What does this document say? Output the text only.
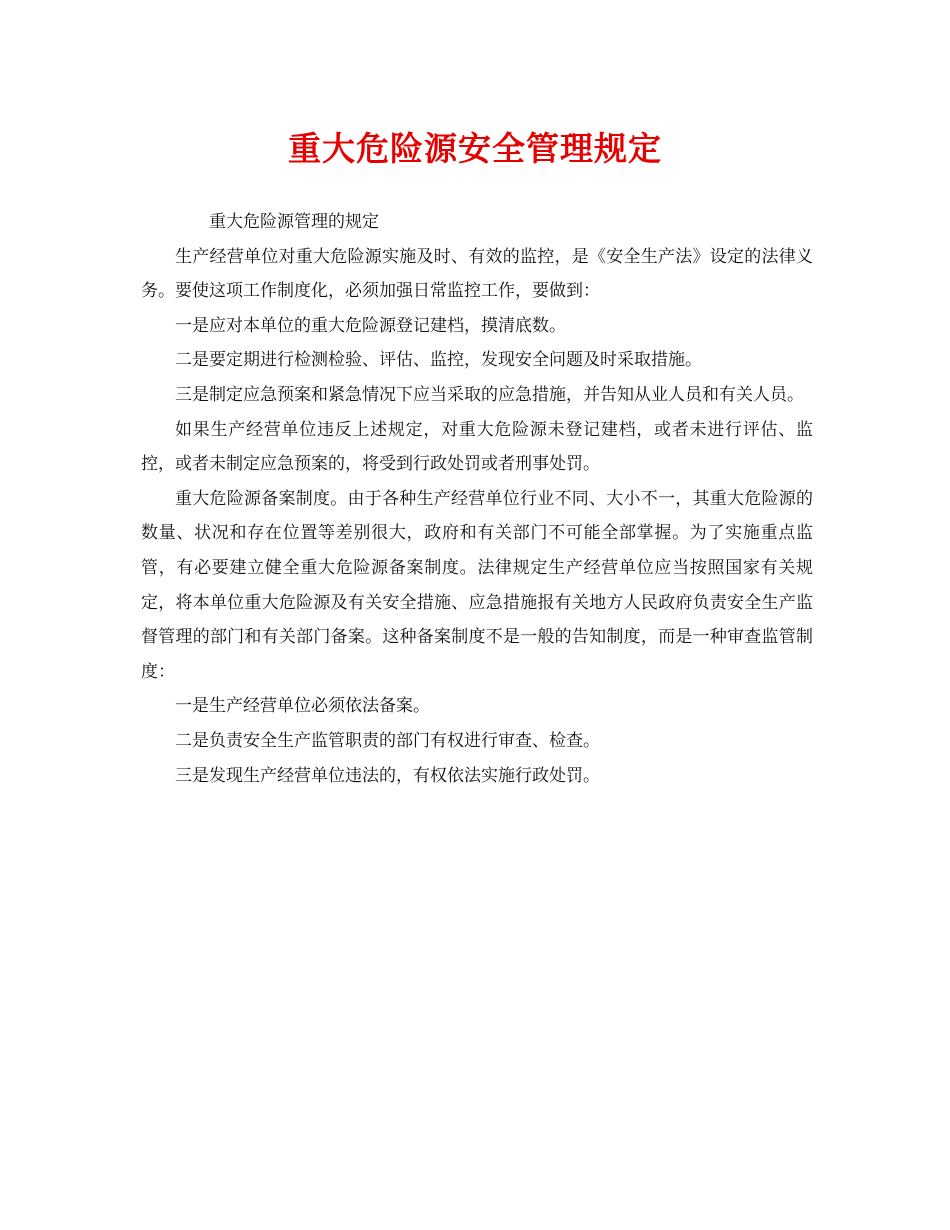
重大危险源安全管理规定

重大危险源管理的规定

生产经营单位对重大危险源实施及时、有效的监控，是《安全生产法》设定的法律义务。要使这项工作制度化，必须加强日常监控工作，要做到：

一是应对本单位的重大危险源登记建档，摸清底数。

二是要定期进行检测检验、评估、监控，发现安全问题及时采取措施。

三是制定应急预案和紧急情况下应当采取的应急措施，并告知从业人员和有关人员。

如果生产经营单位违反上述规定，对重大危险源未登记建档，或者未进行评估、监控，或者未制定应急预案的，将受到行政处罚或者刑事处罚。

重大危险源备案制度。由于各种生产经营单位行业不同、大小不一，其重大危险源的数量、状况和存在位置等差别很大，政府和有关部门不可能全部掌握。为了实施重点监管，有必要建立健全重大危险源备案制度。法律规定生产经营单位应当按照国家有关规定，将本单位重大危险源及有关安全措施、应急措施报有关地方人民政府负责安全生产监督管理的部门和有关部门备案。这种备案制度不是一般的告知制度，而是一种审查监管制度：

一是生产经营单位必须依法备案。

二是负责安全生产监管职责的部门有权进行审查、检查。

三是发现生产经营单位违法的，有权依法实施行政处罚。
